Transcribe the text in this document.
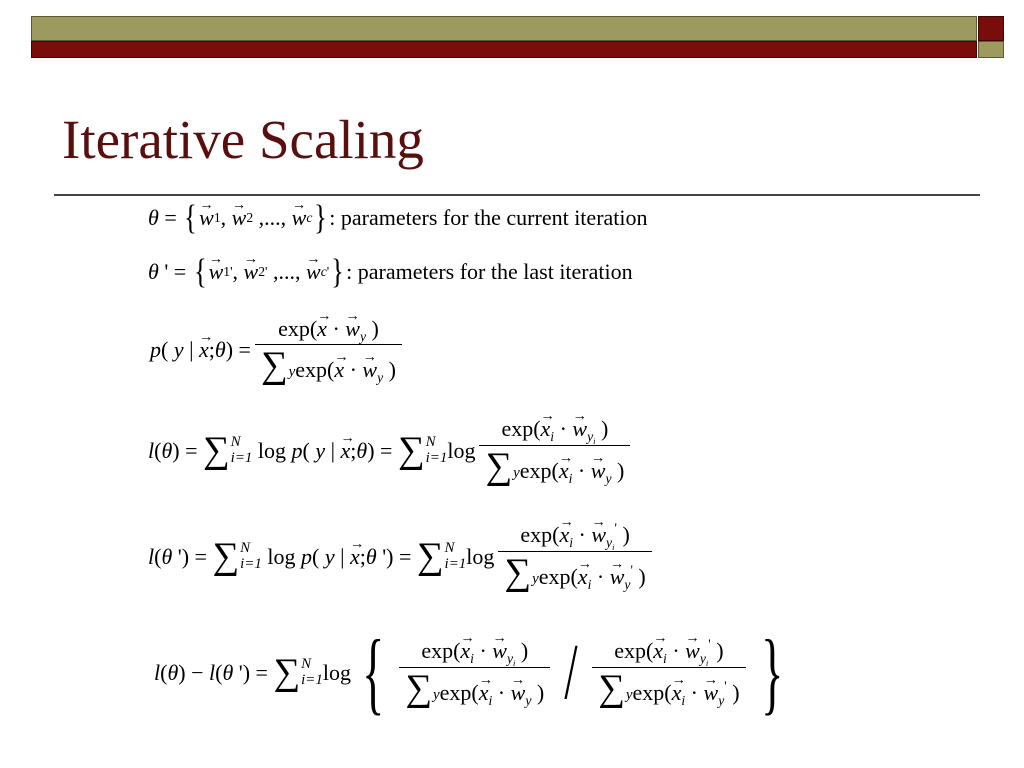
Iterative Scaling
θ = { → w 1 , → w 2 ,..., → w c } : parameters for the current iteration
θ ' = { → w 1 ' , → w 2 ' ,..., → w c ' } : parameters for the last iteration
p ( y | → x ; θ ) = $\frac{\exp(\to x \cdot \to w_y )}{\sum y \exp(\to x \cdot \to w_y )}$
l ( θ ) = ∑ N
i=1 log p ( y | → x ; θ ) = ∑ N
i=1 $\log \frac{\exp(\to x_i \cdot \to w_{y_i} )}{\sum y \exp(\to x_i \cdot \to w_y )}$
l ( θ ') = ∑ N
i=1 log p ( y | → x ; θ ') = ∑ N
i=1 $\log \frac{\exp(\to x_i \cdot \to w_{y_i}' )}{\sum y \exp(\to x_i \cdot \to w_y' )}$
l ( θ ) − l ( θ ') = ∑ N
i=1 log { $\frac{\exp(\to x_i \cdot \to w_{y_i} )}{\sum y \exp(\to x_i \cdot \to w_y )} / \frac{\exp(\to x_i \cdot \to w_{y_i}' )}{\sum y \exp(\to x_i \cdot \to w_y' )}$ }
